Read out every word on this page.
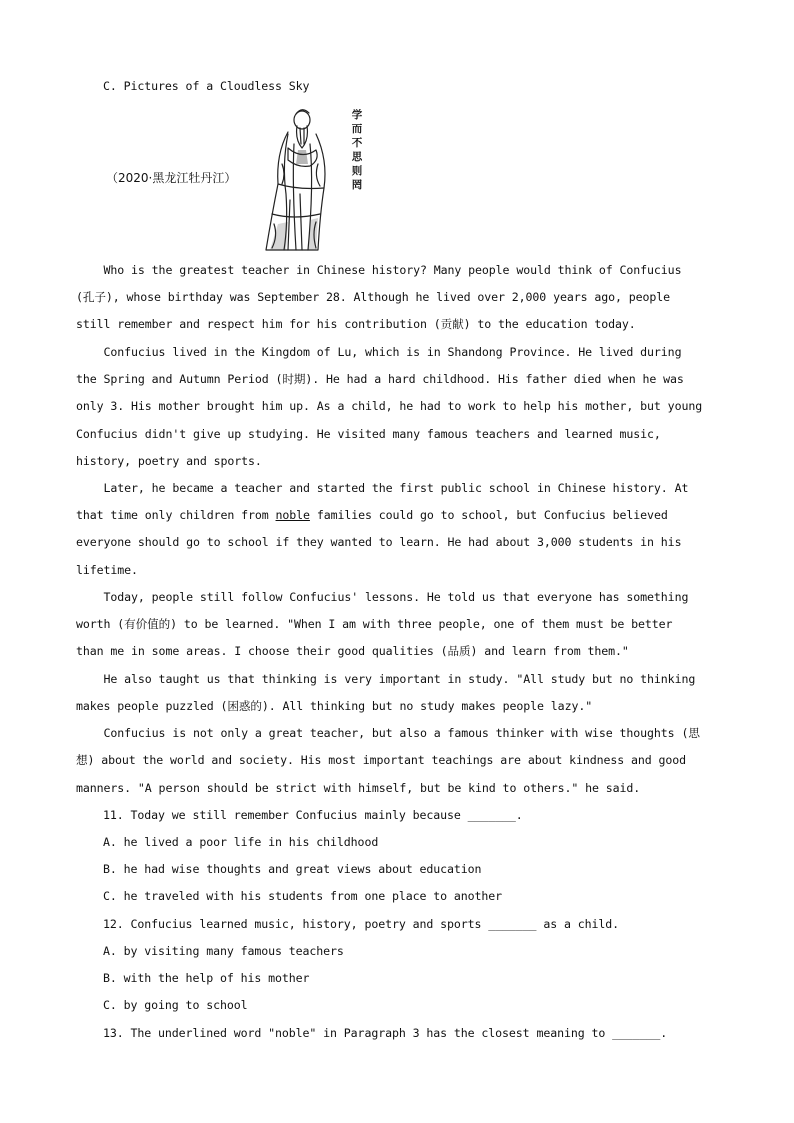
C. Pictures of a Cloudless Sky
（2020·黑龙江牡丹江）
学而不思则罔
Who is the greatest teacher in Chinese history? Many people would think of Confucius
(孔子), whose birthday was September 28. Although he lived over 2,000 years ago, people
still remember and respect him for his contribution (贡献) to the education today.
Confucius lived in the Kingdom of Lu, which is in Shandong Province. He lived during
the Spring and Autumn Period (时期). He had a hard childhood. His father died when he was
only 3. His mother brought him up. As a child, he had to work to help his mother, but young
Confucius didn't give up studying. He visited many famous teachers and learned music,
history, poetry and sports.
Later, he became a teacher and started the first public school in Chinese history. At
that time only children from noble families could go to school, but Confucius believed
everyone should go to school if they wanted to learn. He had about 3,000 students in his
lifetime.
Today, people still follow Confucius' lessons. He told us that everyone has something
worth (有价值的) to be learned. "When I am with three people, one of them must be better
than me in some areas. I choose their good qualities (品质) and learn from them."
He also taught us that thinking is very important in study. "All study but no thinking
makes people puzzled (困惑的). All thinking but no study makes people lazy."
Confucius is not only a great teacher, but also a famous thinker with wise thoughts (思
想) about the world and society. His most important teachings are about kindness and good
manners. "A person should be strict with himself, but be kind to others." he said.
11. Today we still remember Confucius mainly because _______.
A. he lived a poor life in his childhood
B. he had wise thoughts and great views about education
C. he traveled with his students from one place to another
12. Confucius learned music, history, poetry and sports _______ as a child.
A. by visiting many famous teachers
B. with the help of his mother
C. by going to school
13. The underlined word "noble" in Paragraph 3 has the closest meaning to _______.
